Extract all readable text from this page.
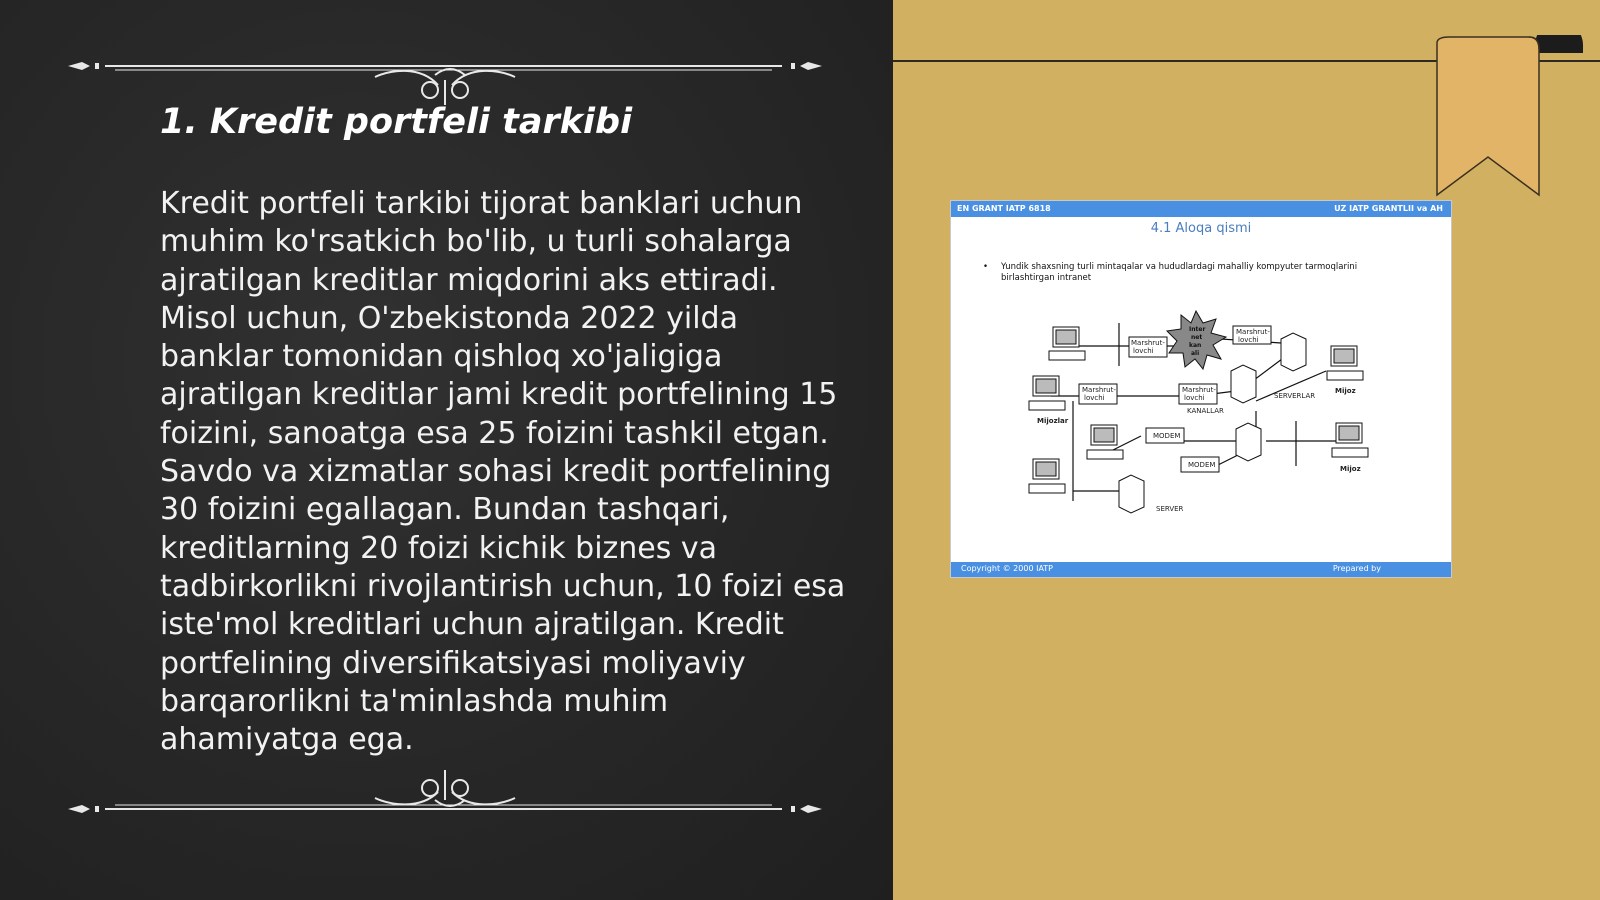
1. Kredit portfeli tarkibi

Kredit portfeli tarkibi tijorat banklari uchun muhim ko'rsatkich bo'lib, u turli sohalarga ajratilgan kreditlar miqdorini aks ettiradi. Misol uchun, O'zbekistonda 2022 yilda banklar tomonidan qishloq xo'jaligiga ajratilgan kreditlar jami kredit portfelining 15 foizini, sanoatga esa 25 foizini tashkil etgan. Savdo va xizmatlar sohasi kredit portfelining 30 foizini egallagan. Bundan tashqari, kreditlarning 20 foizi kichik biznes va tadbirkorlikni rivojlantirish uchun, 10 foizi esa iste'mol kreditlari uchun ajratilgan. Kredit portfelining diversifikatsiyasi moliyaviy barqarorlikni ta'minlashda muhim ahamiyatga ega.

EN GRANT IATP 6818	UZ IATP GRANTLII va AH
4.1 Aloqa qismi
• Yundik shaxsning turli mintaqalar va hududlardagi mahalliy kompyuter tarmoqlarini birlashtirgan intranet
Marshrut-
lovchi
Marshrut-
lovchi
Marshrut-
lovchi
Marshrut-
lovchi
Inter
net
kan
ali
Mijozlar
Mijoz
Mijoz
KANALLAR
SERVERLAR
MODEM
MODEM
SERVER
Copyright © 2000 IATP	Prepared by
